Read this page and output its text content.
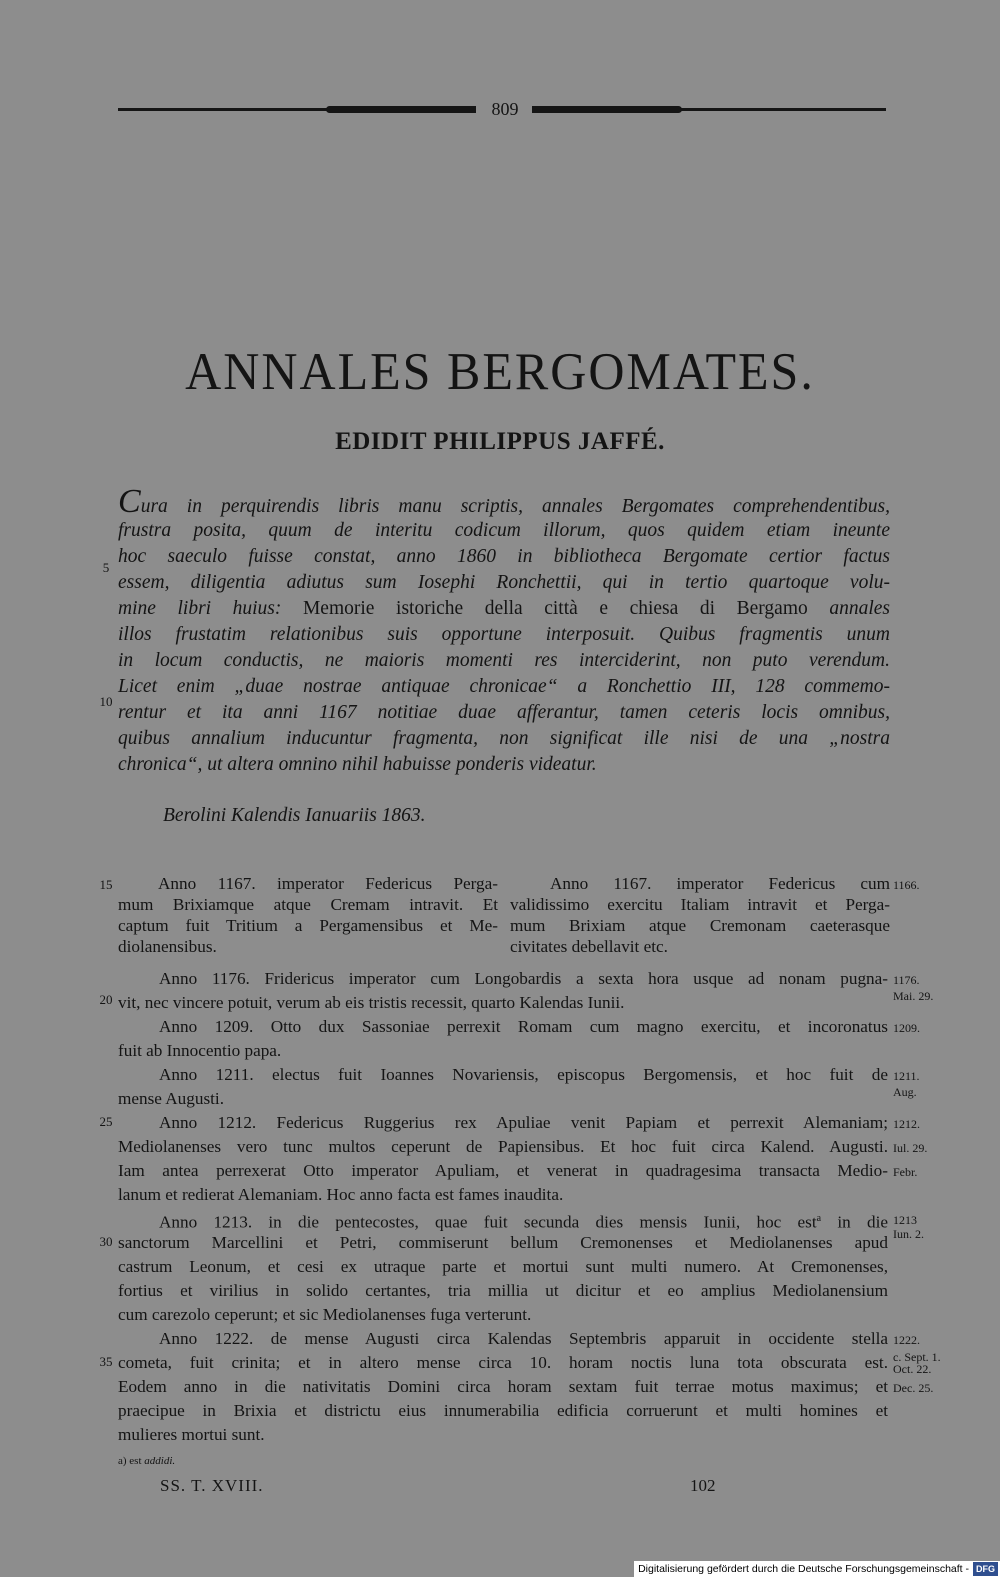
809
ANNALES BERGOMATES.
EDIDIT PHILIPPUS JAFFÉ.
Cura in perquirendis libris manu scriptis, annales Bergomates comprehendentibus,
frustra posita, quum de interitu codicum illorum, quos quidem etiam ineunte
hoc saeculo fuisse constat, anno 1860 in bibliotheca Bergomate certior factus
essem, diligentia adiutus sum Iosephi Ronchettii, qui in tertio quartoque volu-
mine libri huius: Memorie istoriche della città e chiesa di Bergamo annales
illos frustatim relationibus suis opportune interposuit. Quibus fragmentis unum
in locum conductis, ne maioris momenti res interciderint, non puto verendum.
Licet enim „duae nostrae antiquae chronicae“ a Ronchettio III, 128 commemo-
rentur et ita anni 1167 notitiae duae afferantur, tamen ceteris locis omnibus,
quibus annalium inducuntur fragmenta, non significat ille nisi de una „nostra
chronica“, ut altera omnino nihil habuisse ponderis videatur.
Berolini Kalendis Ianuariis 1863.
5
10
15
20
25
30
35
Anno 1167. imperator Federicus Perga-
mum Brixiamque atque Cremam intravit. Et
captum fuit Tritium a Pergamensibus et Me-
diolanensibus.
Anno 1167. imperator Federicus cum
validissimo exercitu Italiam intravit et Perga-
mum Brixiam atque Cremonam caeterasque
civitates debellavit etc.
Anno 1176. Fridericus imperator cum Longobardis a sexta hora usque ad nonam pugna-
vit, nec vincere potuit, verum ab eis tristis recessit, quarto Kalendas Iunii.
Anno 1209. Otto dux Sassoniae perrexit Romam cum magno exercitu, et incoronatus
fuit ab Innocentio papa.
Anno 1211. electus fuit Ioannes Novariensis, episcopus Bergomensis, et hoc fuit de
mense Augusti.
Anno 1212. Federicus Ruggerius rex Apuliae venit Papiam et perrexit Alemaniam;
Mediolanenses vero tunc multos ceperunt de Papiensibus. Et hoc fuit circa Kalend. Augusti.
Iam antea perrexerat Otto imperator Apuliam, et venerat in quadragesima transacta Medio-
lanum et redierat Alemaniam. Hoc anno facta est fames inaudita.
Anno 1213. in die pentecostes, quae fuit secunda dies mensis Iunii, hoc est$^a$ in die
sanctorum Marcellini et Petri, commiserunt bellum Cremonenses et Mediolanenses apud
castrum Leonum, et cesi ex utraque parte et mortui sunt multi numero. At Cremonenses,
fortius et virilius in solido certantes, tria millia ut dicitur et eo amplius Mediolanensium
cum carezolo ceperunt; et sic Mediolanenses fuga verterunt.
Anno 1222. de mense Augusti circa Kalendas Septembris apparuit in occidente stella
cometa, fuit crinita; et in altero mense circa 10. horam noctis luna tota obscurata est.
Eodem anno in die nativitatis Domini circa horam sextam fuit terrae motus maximus; et
praecipue in Brixia et districtu eius innumerabilia edificia corruerunt et multi homines et
mulieres mortui sunt.
1166.
1176.
Mai. 29.
1209.
1211.
Aug.
1212.
Iul. 29.
Febr.
1213
Iun. 2.
1222.
c. Sept. 1.
Oct. 22.
Dec. 25.
a) est addidi.
SS. T. XVIII.	102
Digitalisierung gefördert durch die Deutsche Forschungsgemeinschaft - DFG
